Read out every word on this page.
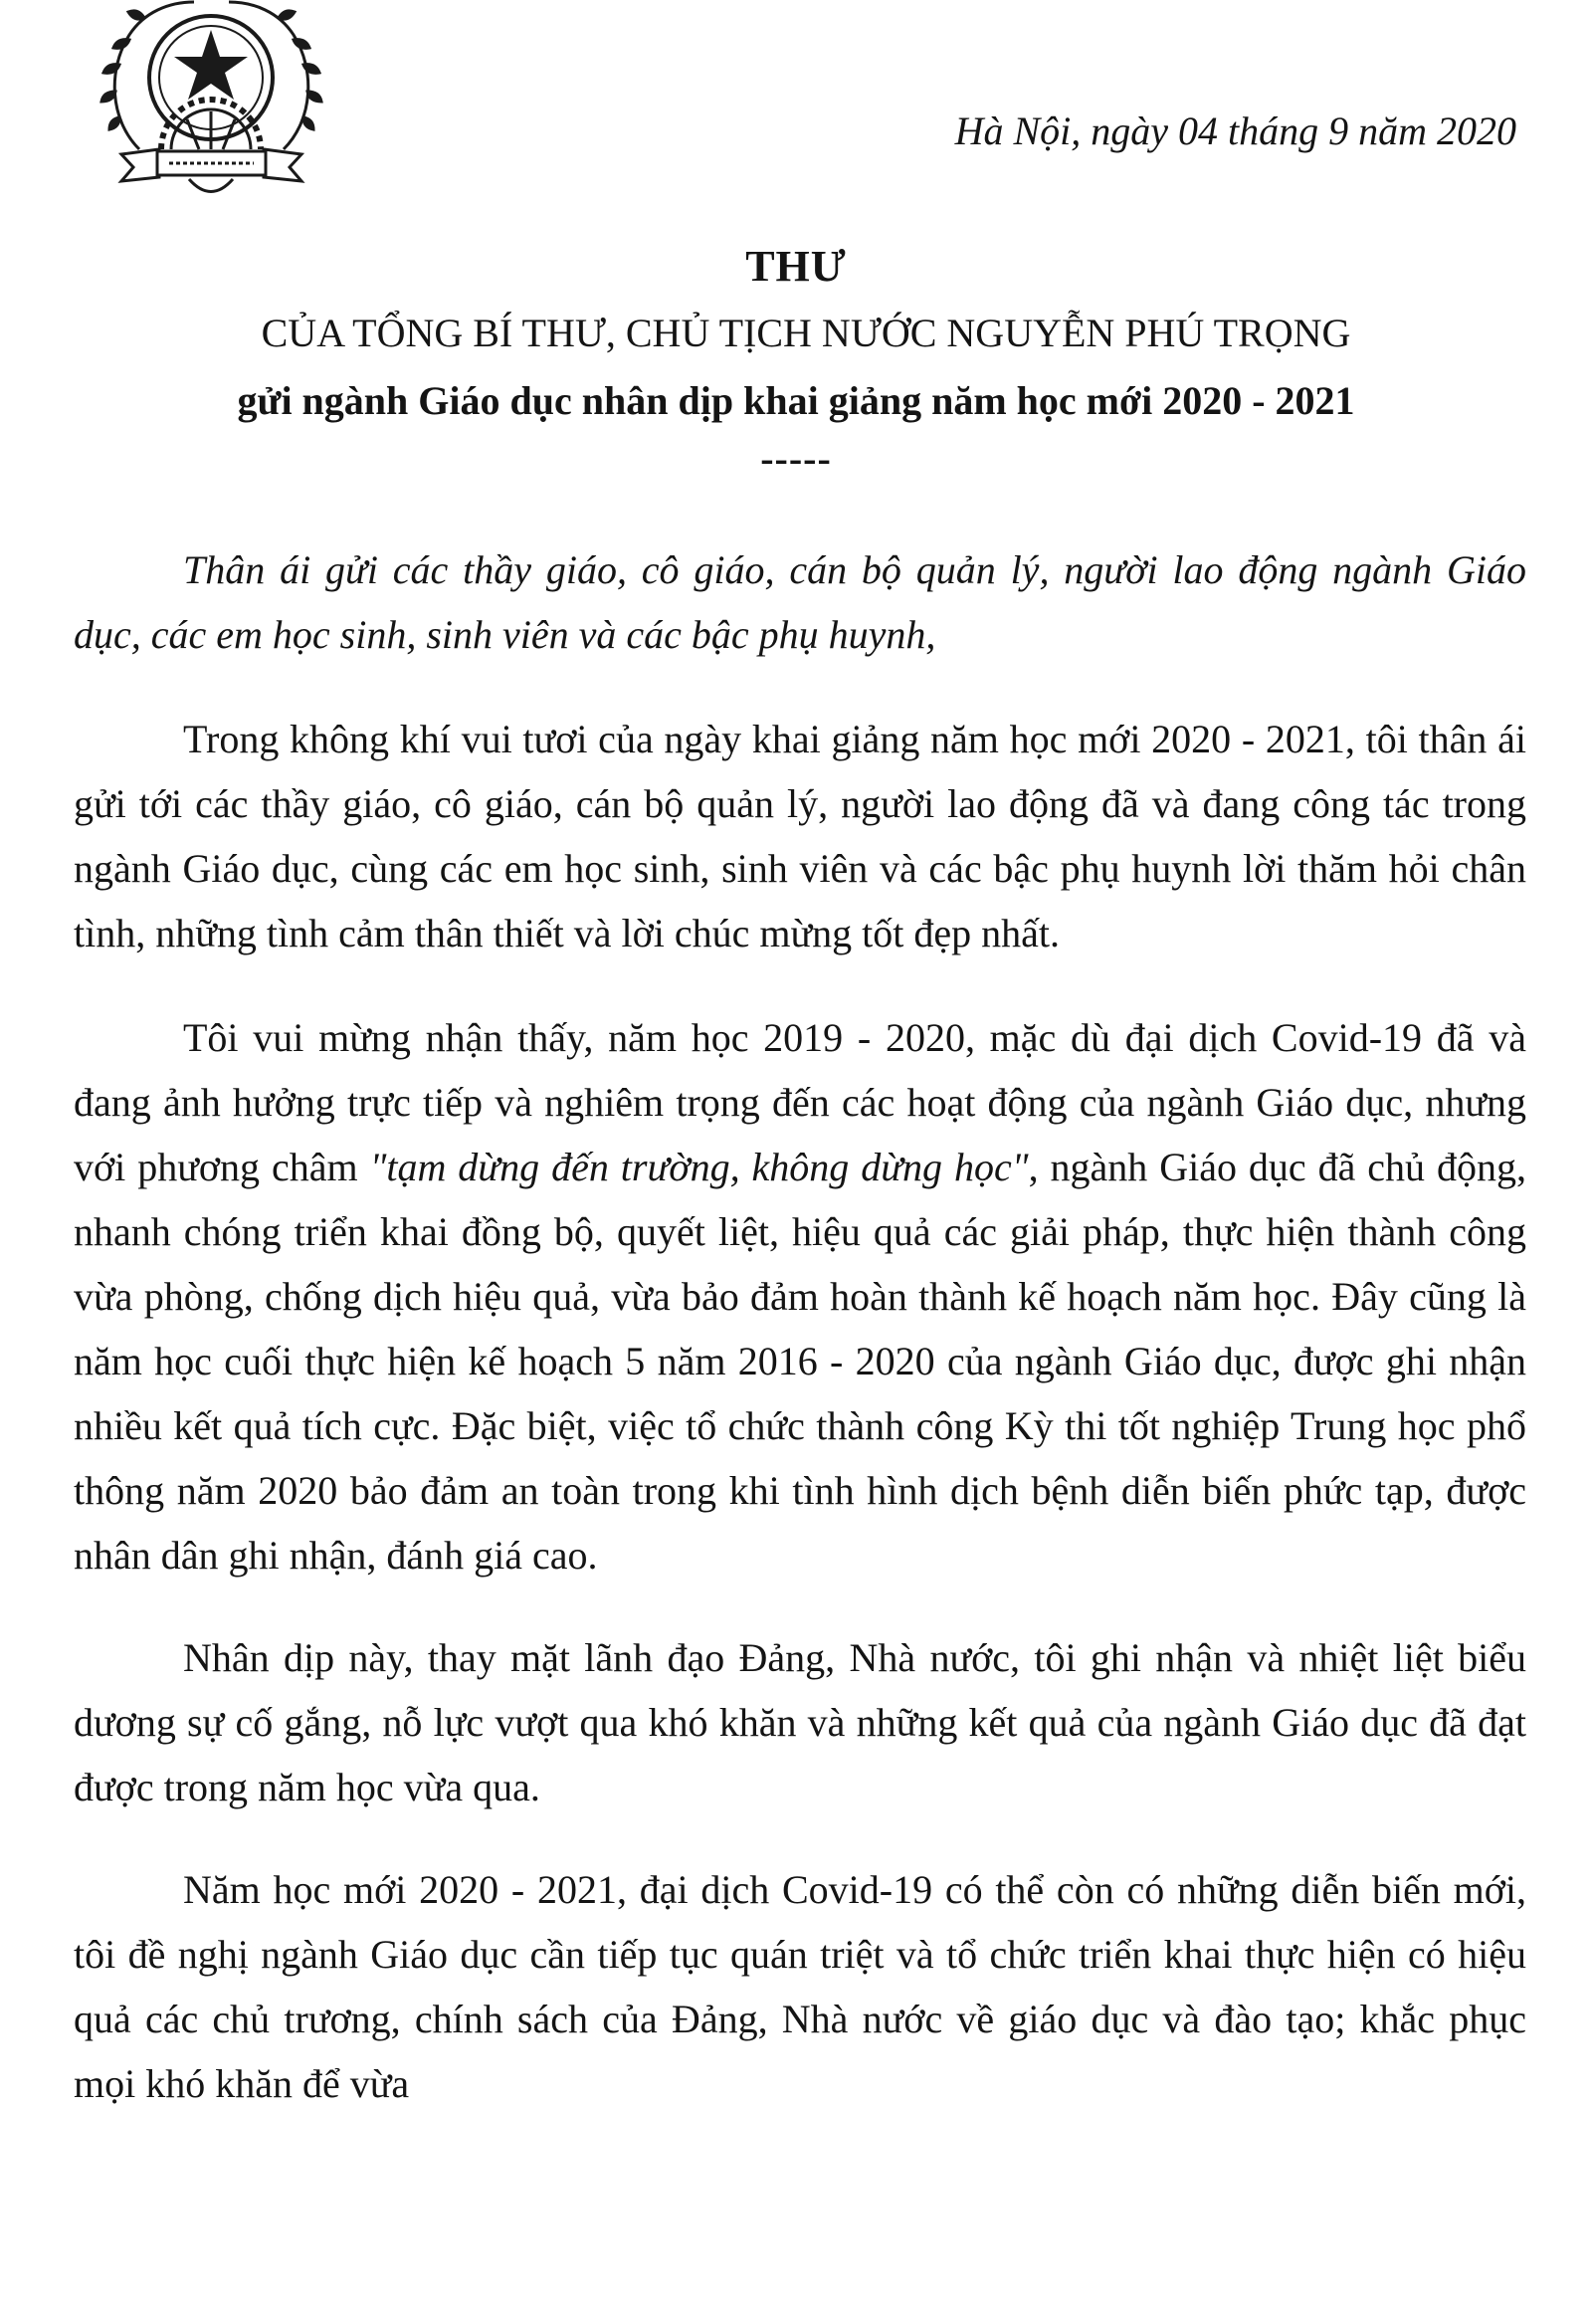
Hà Nội, ngày 04 tháng 9 năm 2020

THƯ

CỦA TỔNG BÍ THƯ, CHỦ TỊCH NƯỚC NGUYỄN PHÚ TRỌNG

gửi ngành Giáo dục nhân dịp khai giảng năm học mới 2020 - 2021

-----

Thân ái gửi các thầy giáo, cô giáo, cán bộ quản lý, người lao động ngành Giáo dục, các em học sinh, sinh viên và các bậc phụ huynh,

Trong không khí vui tươi của ngày khai giảng năm học mới 2020 - 2021, tôi thân ái gửi tới các thầy giáo, cô giáo, cán bộ quản lý, người lao động đã và đang công tác trong ngành Giáo dục, cùng các em học sinh, sinh viên và các bậc phụ huynh lời thăm hỏi chân tình, những tình cảm thân thiết và lời chúc mừng tốt đẹp nhất.

Tôi vui mừng nhận thấy, năm học 2019 - 2020, mặc dù đại dịch Covid-19 đã và đang ảnh hưởng trực tiếp và nghiêm trọng đến các hoạt động của ngành Giáo dục, nhưng với phương châm "tạm dừng đến trường, không dừng học", ngành Giáo dục đã chủ động, nhanh chóng triển khai đồng bộ, quyết liệt, hiệu quả các giải pháp, thực hiện thành công vừa phòng, chống dịch hiệu quả, vừa bảo đảm hoàn thành kế hoạch năm học. Đây cũng là năm học cuối thực hiện kế hoạch 5 năm 2016 - 2020 của ngành Giáo dục, được ghi nhận nhiều kết quả tích cực. Đặc biệt, việc tổ chức thành công Kỳ thi tốt nghiệp Trung học phổ thông năm 2020 bảo đảm an toàn trong khi tình hình dịch bệnh diễn biến phức tạp, được nhân dân ghi nhận, đánh giá cao.

Nhân dịp này, thay mặt lãnh đạo Đảng, Nhà nước, tôi ghi nhận và nhiệt liệt biểu dương sự cố gắng, nỗ lực vượt qua khó khăn và những kết quả của ngành Giáo dục đã đạt được trong năm học vừa qua.

Năm học mới 2020 - 2021, đại dịch Covid-19 có thể còn có những diễn biến mới, tôi đề nghị ngành Giáo dục cần tiếp tục quán triệt và tổ chức triển khai thực hiện có hiệu quả các chủ trương, chính sách của Đảng, Nhà nước về giáo dục và đào tạo; khắc phục mọi khó khăn để vừa
